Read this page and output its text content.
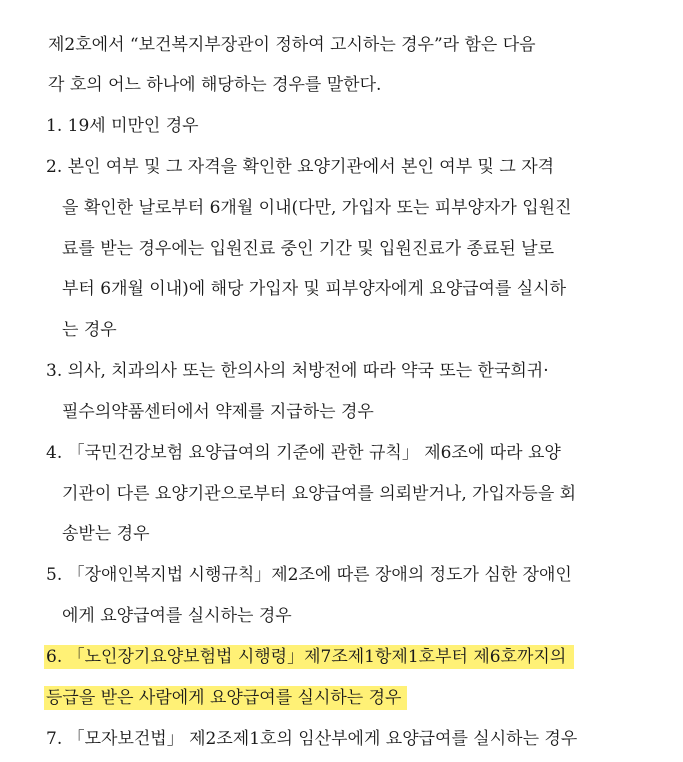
제2호에서 “보건복지부장관이 정하여 고시하는 경우”라 함은 다음
각 호의 어느 하나에 해당하는 경우를 말한다.
1. 19세 미만인 경우
2. 본인 여부 및 그 자격을 확인한 요양기관에서 본인 여부 및 그 자격
을 확인한 날로부터 6개월 이내(다만, 가입자 또는 피부양자가 입원진
료를 받는 경우에는 입원진료 중인 기간 및 입원진료가 종료된 날로
부터 6개월 이내)에 해당 가입자 및 피부양자에게 요양급여를 실시하
는 경우
3. 의사, 치과의사 또는 한의사의 처방전에 따라 약국 또는 한국희귀·
필수의약품센터에서 약제를 지급하는 경우
4. 「국민건강보험 요양급여의 기준에 관한 규칙」 제6조에 따라 요양
기관이 다른 요양기관으로부터 요양급여를 의뢰받거나, 가입자등을 회
송받는 경우
5. 「장애인복지법 시행규칙」제2조에 따른 장애의 정도가 심한 장애인
에게 요양급여를 실시하는 경우
6. 「노인장기요양보험법 시행령」제7조제1항제1호부터 제6호까지의
등급을 받은 사람에게 요양급여를 실시하는 경우
7. 「모자보건법」 제2조제1호의 임산부에게 요양급여를 실시하는 경우
